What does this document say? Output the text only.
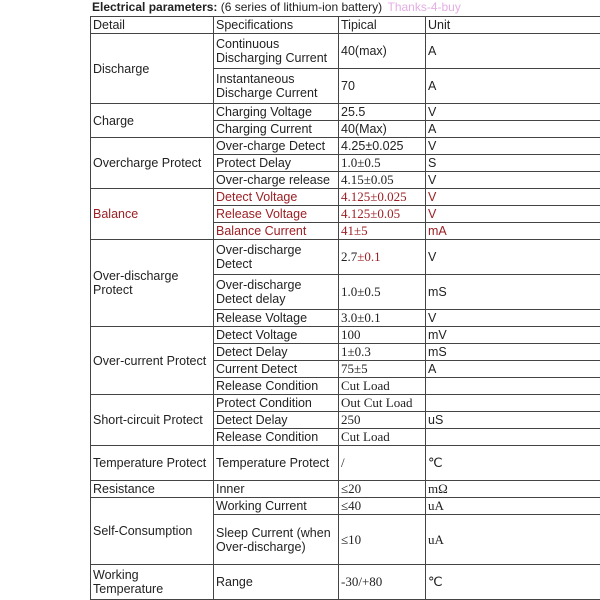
Electrical parameters: (6 series of lithium-ion battery) Thanks-4-buy
Detail	Specifications	Tipical	Unit
Discharge	Continuous Discharging Current	40(max)	A
	Instantaneous Discharge Current	70	A
Charge	Charging Voltage	25.5	V
	Charging Current	40(Max)	A
Overcharge Protect	Over-charge Detect	4.25±0.025	V
	Protect Delay	1.0±0.5	S
	Over-charge release	4.15±0.05	V
Balance	Detect Voltage	4.125±0.025	V
	Release Voltage	4.125±0.05	V
	Balance Current	41±5	mA
Over-discharge Protect	Over-discharge Detect	2.7±0.1	V
	Over-discharge Detect delay	1.0±0.5	mS
	Release Voltage	3.0±0.1	V
Over-current Protect	Detect Voltage	100	mV
	Detect Delay	1±0.3	mS
	Current Detect	75±5	A
	Release Condition	Cut Load	
Short-circuit Protect	Protect Condition	Out Cut Load	
	Detect Delay	250	uS
	Release Condition	Cut Load	
Temperature Protect	Temperature Protect	/	℃
Resistance	Inner	≤20	mΩ
Self-Consumption	Working Current	≤40	uA
	Sleep Current (when Over-discharge)	≤10	uA
Working Temperature	Range	-30/+80	℃
